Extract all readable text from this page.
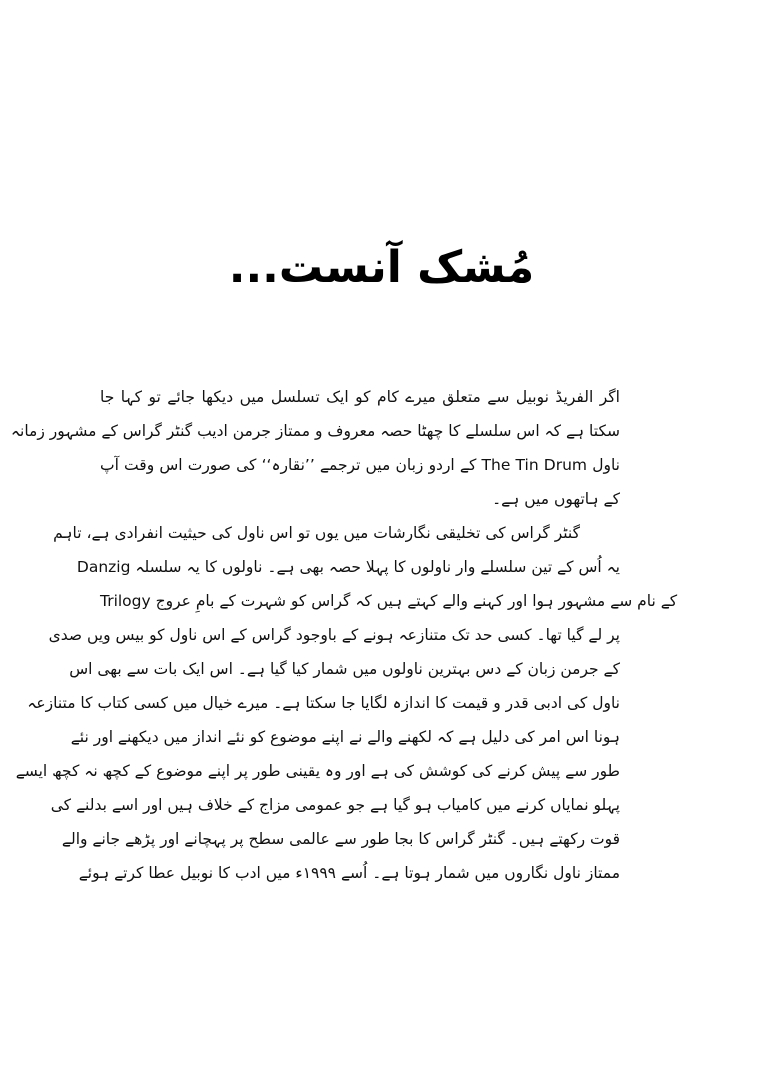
مُشک آنست...
اگر الفریڈ نوبیل سے متعلق میرے کام کو ایک تسلسل میں دیکھا جائے تو کہا جا
سکتا ہے کہ اس سلسلے کا چھٹا حصہ معروف و ممتاز جرمن ادیب گنٹر گراس کے مشہور زمانہ
ناول The Tin Drum کے اردو زبان میں ترجمے ’’نقارہ‘‘ کی صورت اس وقت آپ
کے ہاتھوں میں ہے۔
گنٹر گراس کی تخلیقی نگارشات میں یوں تو اس ناول کی حیثیت انفرادی ہے، تاہم
یہ اُس کے تین سلسلے وار ناولوں کا پہلا حصہ بھی ہے۔ ناولوں کا یہ سلسلہ Danzig
Trilogy کے نام سے مشہور ہوا اور کہنے والے کہتے ہیں کہ گراس کو شہرت کے بامِ عروج
پر لے گیا تھا۔ کسی حد تک متنازعہ ہونے کے باوجود گراس کے اس ناول کو بیس ویں صدی
کے جرمن زبان کے دس بہترین ناولوں میں شمار کیا گیا ہے۔ اس ایک بات سے بھی اس
ناول کی ادبی قدر و قیمت کا اندازہ لگایا جا سکتا ہے۔ میرے خیال میں کسی کتاب کا متنازعہ
ہونا اس امر کی دلیل ہے کہ لکھنے والے نے اپنے موضوع کو نئے انداز میں دیکھنے اور نئے
طور سے پیش کرنے کی کوشش کی ہے اور وہ یقینی طور پر اپنے موضوع کے کچھ نہ کچھ ایسے
پہلو نمایاں کرنے میں کامیاب ہو گیا ہے جو عمومی مزاج کے خلاف ہیں اور اسے بدلنے کی
قوت رکھتے ہیں۔ گنٹر گراس کا بجا طور سے عالمی سطح پر پہچانے اور پڑھے جانے والے
ممتاز ناول نگاروں میں شمار ہوتا ہے۔ اُسے ۱۹۹۹ء میں ادب کا نوبیل عطا کرتے ہوئے
